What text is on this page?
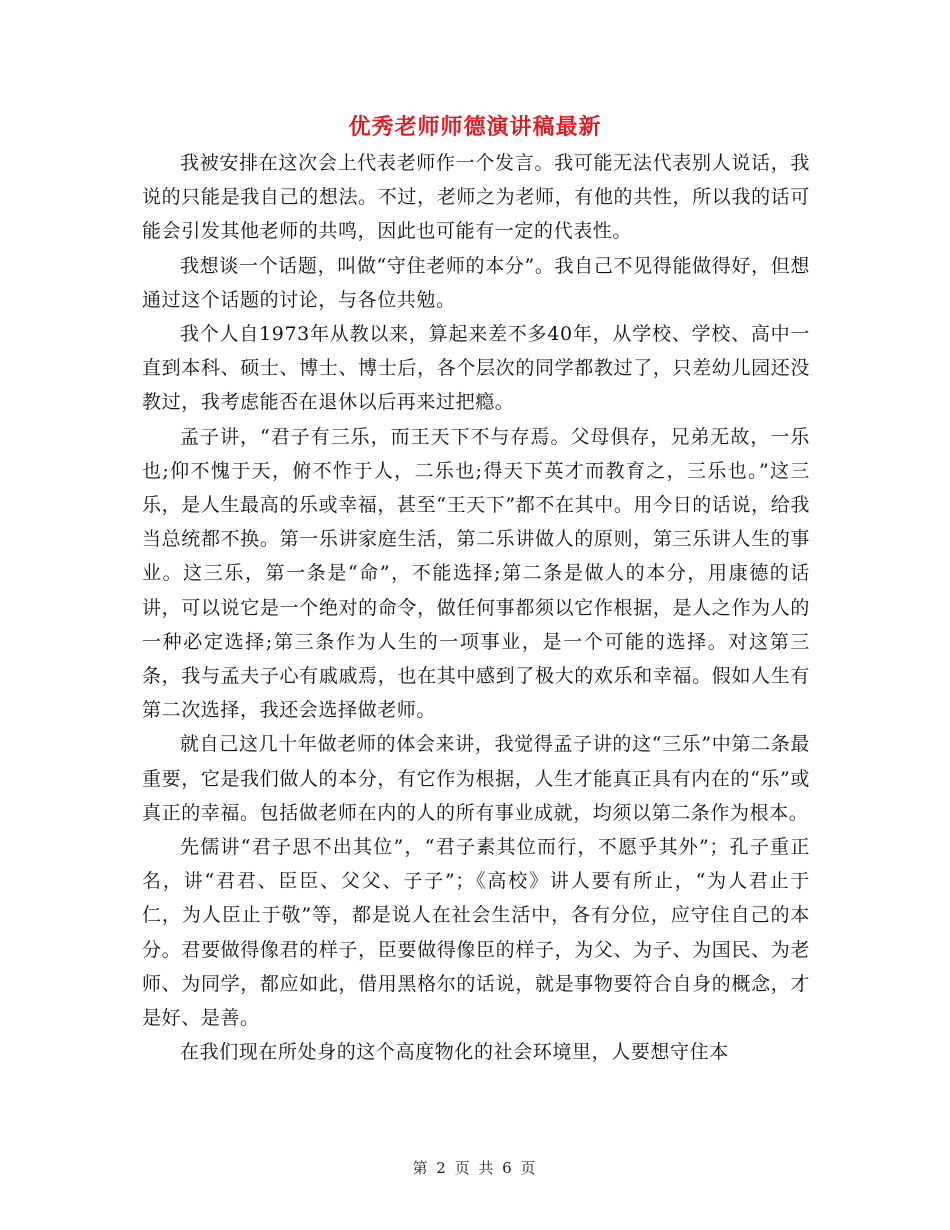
优秀老师师德演讲稿最新

我被安排在这次会上代表老师作一个发言。我可能无法代表别人说话，我说的只能是我自己的想法。不过，老师之为老师，有他的共性，所以我的话可能会引发其他老师的共鸣，因此也可能有一定的代表性。

我想谈一个话题，叫做“守住老师的本分”。我自己不见得能做得好，但想通过这个话题的讨论，与各位共勉。

我个人自1973年从教以来，算起来差不多40年，从学校、学校、高中一直到本科、硕士、博士、博士后，各个层次的同学都教过了，只差幼儿园还没教过，我考虑能否在退休以后再来过把瘾。

孟子讲，“君子有三乐，而王天下不与存焉。父母俱存，兄弟无故，一乐也;仰不愧于天，俯不怍于人，二乐也;得天下英才而教育之，三乐也。”这三乐，是人生最高的乐或幸福，甚至“王天下”都不在其中。用今日的话说，给我当总统都不换。第一乐讲家庭生活，第二乐讲做人的原则，第三乐讲人生的事业。这三乐，第一条是“命”，不能选择;第二条是做人的本分，用康德的话讲，可以说它是一个绝对的命令，做任何事都须以它作根据，是人之作为人的一种必定选择;第三条作为人生的一项事业，是一个可能的选择。对这第三条，我与孟夫子心有戚戚焉，也在其中感到了极大的欢乐和幸福。假如人生有第二次选择，我还会选择做老师。

就自己这几十年做老师的体会来讲，我觉得孟子讲的这“三乐”中第二条最重要，它是我们做人的本分，有它作为根据，人生才能真正具有内在的“乐”或真正的幸福。包括做老师在内的人的所有事业成就，均须以第二条作为根本。

先儒讲“君子思不出其位”，“君子素其位而行，不愿乎其外”；孔子重正名，讲“君君、臣臣、父父、子子”；《高校》讲人要有所止，“为人君止于仁，为人臣止于敬”等，都是说人在社会生活中，各有分位，应守住自己的本分。君要做得像君的样子，臣要做得像臣的样子，为父、为子、为国民、为老师、为同学，都应如此，借用黑格尔的话说，就是事物要符合自身的概念，才是好、是善。

在我们现在所处身的这个高度物化的社会环境里，人要想守住本

第 2 页 共 6 页
